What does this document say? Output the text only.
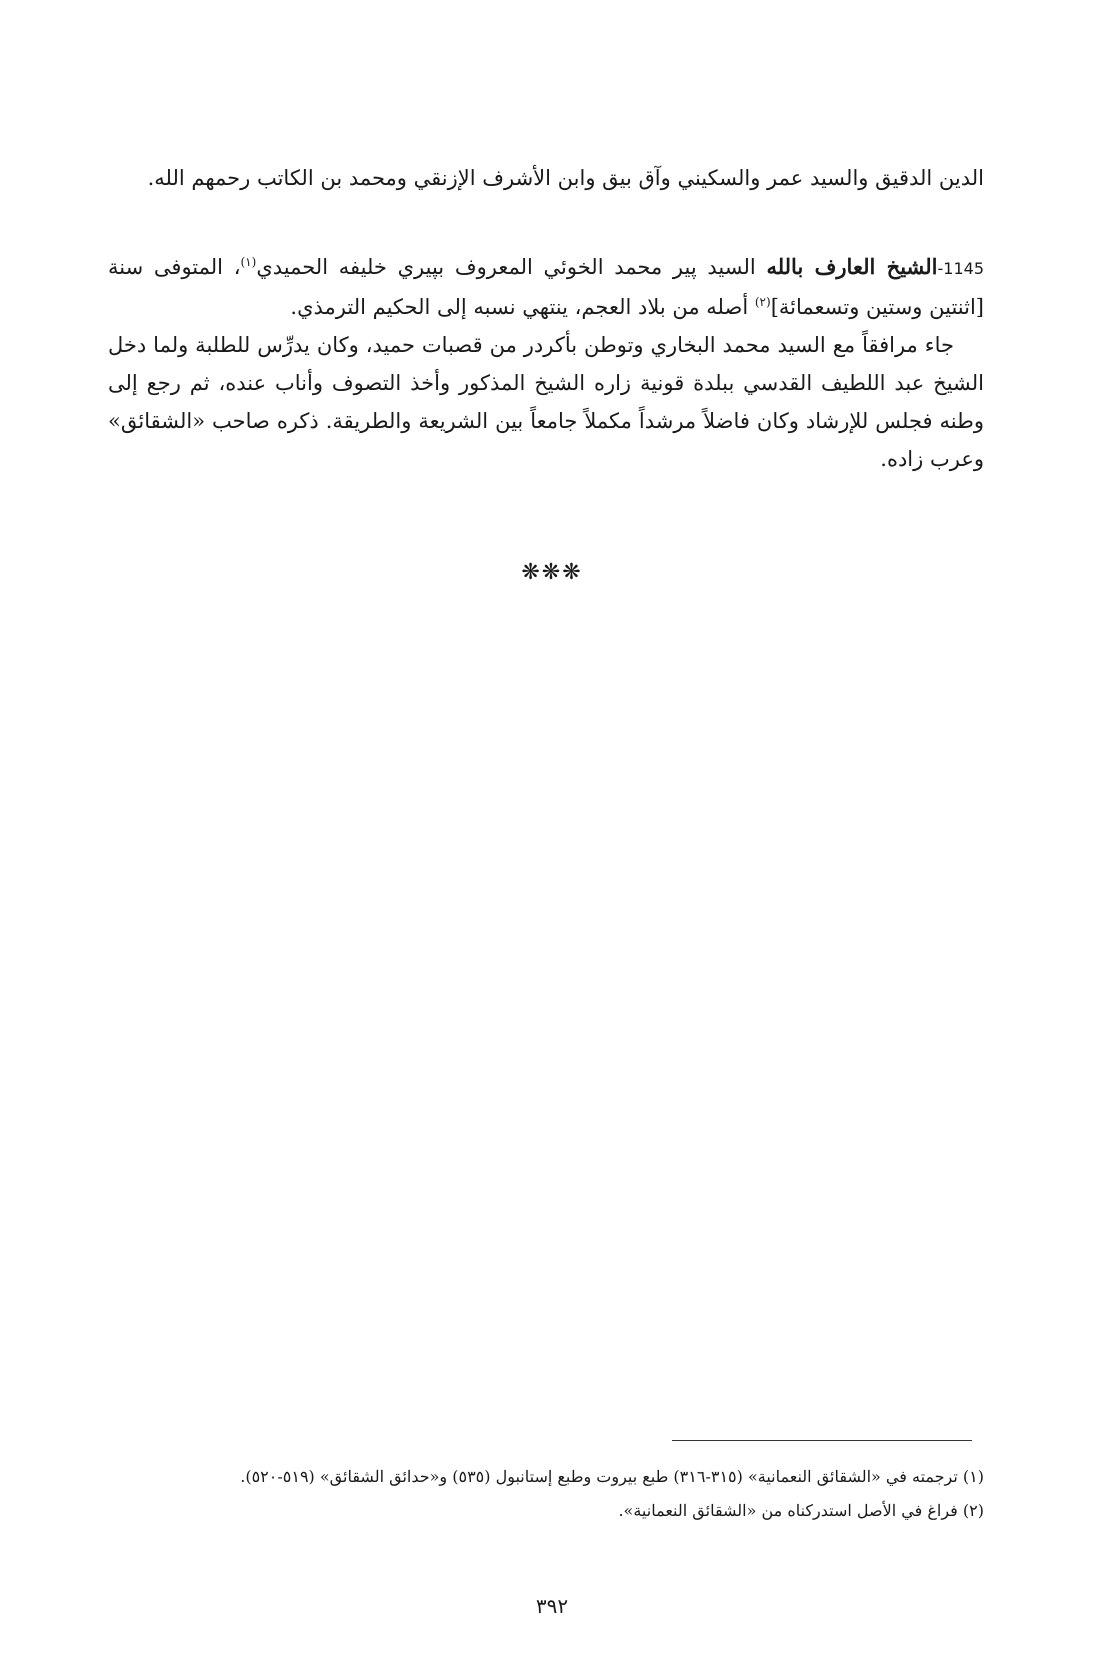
الدين الدقيق والسيد عمر والسكيني وآق بيق وابن الأشرف الإزنقي ومحمد بن الكاتب رحمهم الله.

1145-الشيخ العارف بالله السيد پير محمد الخوئي المعروف بپيري خليفه الحميدي$^{(١)}$، المتوفى سنة [اثنتين وستين وتسعمائة]$^{(٢)}$ أصله من بلاد العجم، ينتهي نسبه إلى الحكيم الترمذي.

جاء مرافقاً مع السيد محمد البخاري وتوطن بأكردر من قصبات حميد، وكان يدرِّس للطلبة ولما دخل الشيخ عبد اللطيف القدسي ببلدة قونية زاره الشيخ المذكور وأخذ التصوف وأناب عنده، ثم رجع إلى وطنه فجلس للإرشاد وكان فاضلاً مرشداً مكملاً جامعاً بين الشريعة والطريقة. ذكره صاحب «الشقائق» وعرب زاده.

❋❋❋

(١) ترجمته في «الشقائق النعمانية» (٣١٥-٣١٦) طبع بيروت وطبع إستانبول (٥٣٥) و«حدائق الشقائق» (٥١٩-٥٢٠).

(٢) فراغ في الأصل استدركناه من «الشقائق النعمانية».

٣٩٢
